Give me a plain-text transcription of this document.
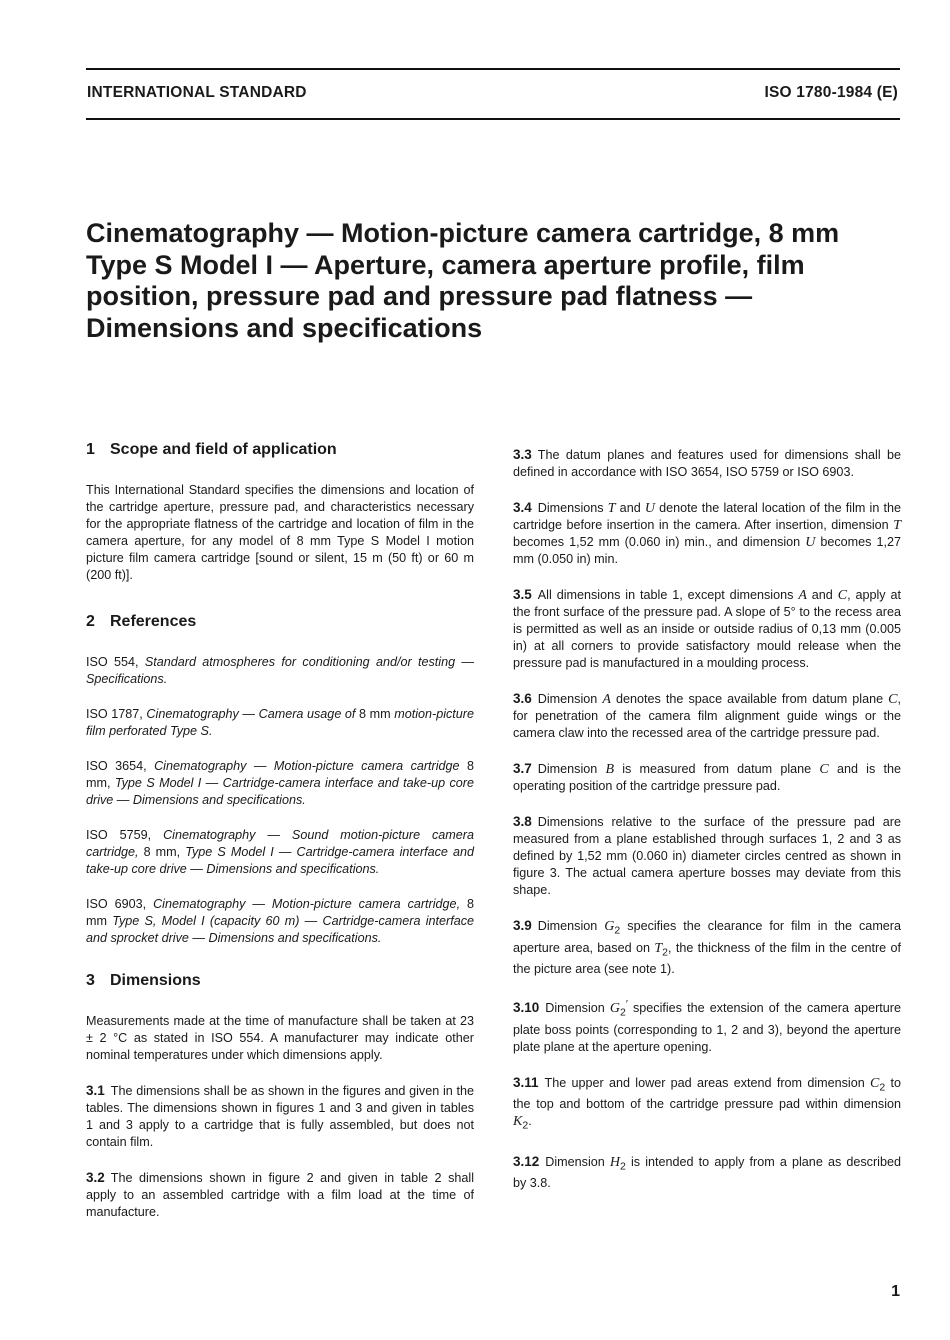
INTERNATIONAL STANDARD	ISO 1780-1984 (E)
Cinematography — Motion-picture camera cartridge, 8 mm Type S Model I — Aperture, camera aperture profile, film position, pressure pad and pressure pad flatness — Dimensions and specifications
1 Scope and field of application

This International Standard specifies the dimensions and location of the cartridge aperture, pressure pad, and characteristics necessary for the appropriate flatness of the cartridge and location of film in the camera aperture, for any model of 8 mm Type S Model I motion picture film camera cartridge [sound or silent, 15 m (50 ft) or 60 m (200 ft)].

2 References

ISO 554, Standard atmospheres for conditioning and/or testing — Specifications.

ISO 1787, Cinematography — Camera usage of 8 mm motion-picture film perforated Type S.

ISO 3654, Cinematography — Motion-picture camera cartridge 8 mm, Type S Model I — Cartridge-camera interface and take-up core drive — Dimensions and specifications.

ISO 5759, Cinematography — Sound motion-picture camera cartridge, 8 mm, Type S Model I — Cartridge-camera interface and take-up core drive — Dimensions and specifications.

ISO 6903, Cinematography — Motion-picture camera cartridge, 8 mm Type S, Model I (capacity 60 m) — Cartridge-camera interface and sprocket drive — Dimensions and specifications.

3 Dimensions

Measurements made at the time of manufacture shall be taken at 23 ± 2 °C as stated in ISO 554. A manufacturer may indicate other nominal temperatures under which dimensions apply.

3.1 The dimensions shall be as shown in the figures and given in the tables. The dimensions shown in figures 1 and 3 and given in tables 1 and 3 apply to a cartridge that is fully assembled, but does not contain film.

3.2 The dimensions shown in figure 2 and given in table 2 shall apply to an assembled cartridge with a film load at the time of manufacture.

3.3 The datum planes and features used for dimensions shall be defined in accordance with ISO 3654, ISO 5759 or ISO 6903.

3.4 Dimensions T and U denote the lateral location of the film in the cartridge before insertion in the camera. After insertion, dimension T becomes 1,52 mm (0.060 in) min., and dimension U becomes 1,27 mm (0.050 in) min.

3.5 All dimensions in table 1, except dimensions A and C, apply at the front surface of the pressure pad. A slope of 5° to the recess area is permitted as well as an inside or outside radius of 0,13 mm (0.005 in) at all corners to provide satisfactory mould release when the pressure pad is manufactured in a moulding process.

3.6 Dimension A denotes the space available from datum plane C, for penetration of the camera film alignment guide wings or the camera claw into the recessed area of the cartridge pressure pad.

3.7 Dimension B is measured from datum plane C and is the operating position of the cartridge pressure pad.

3.8 Dimensions relative to the surface of the pressure pad are measured from a plane established through surfaces 1, 2 and 3 as defined by 1,52 mm (0.060 in) diameter circles centred as shown in figure 3. The actual camera aperture bosses may deviate from this shape.

3.9 Dimension $G_2$ specifies the clearance for film in the camera aperture area, based on $T_2$, the thickness of the film in the centre of the picture area (see note 1).

3.10 Dimension $G_2'$ specifies the extension of the camera aperture plate boss points (corresponding to 1, 2 and 3), beyond the aperture plate plane at the aperture opening.

3.11 The upper and lower pad areas extend from dimension $C_2$ to the top and bottom of the cartridge pressure pad within dimension $K_2$.

3.12 Dimension $H_2$ is intended to apply from a plane as described by 3.8.

1
